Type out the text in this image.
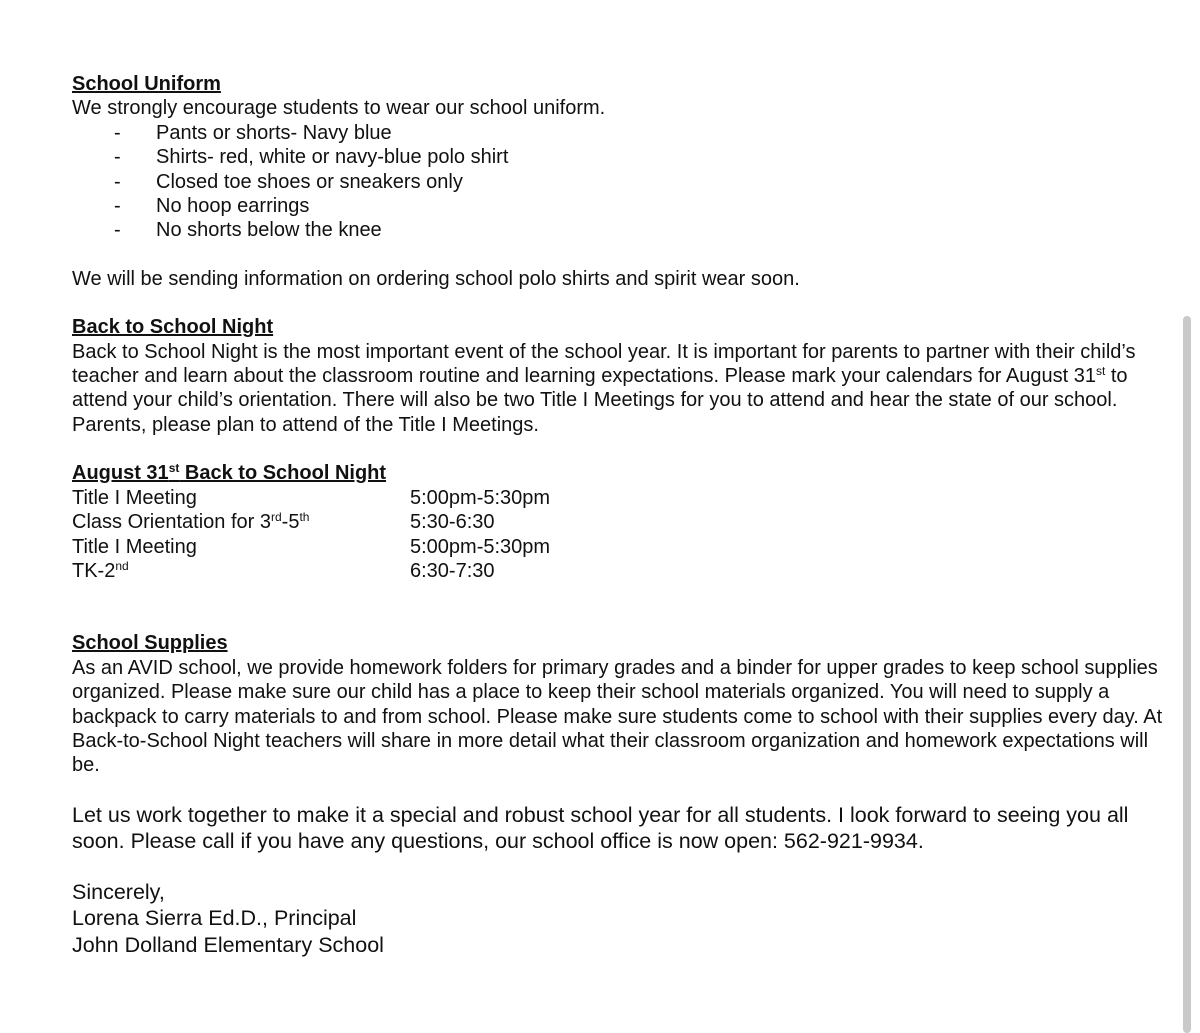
School Uniform

We strongly encourage students to wear our school uniform.

- Pants or shorts- Navy blue
- Shirts- red, white or navy-blue polo shirt
- Closed toe shoes or sneakers only
- No hoop earrings
- No shorts below the knee

We will be sending information on ordering school polo shirts and spirit wear soon.

Back to School Night

Back to School Night is the most important event of the school year. It is important for parents to partner with their child’s teacher and learn about the classroom routine and learning expectations. Please mark your calendars for August 31st to attend your child’s orientation. There will also be two Title I Meetings for you to attend and hear the state of our school. Parents, please plan to attend of the Title I Meetings.

August 31st Back to School Night
Title I Meeting	5:00pm-5:30pm
Class Orientation for 3rd-5th	5:30-6:30
Title I Meeting	5:00pm-5:30pm
TK-2nd	6:30-7:30
School Supplies

As an AVID school, we provide homework folders for primary grades and a binder for upper grades to keep school supplies organized. Please make sure our child has a place to keep their school materials organized. You will need to supply a backpack to carry materials to and from school. Please make sure students come to school with their supplies every day. At Back-to-School Night teachers will share in more detail what their classroom organization and homework expectations will be.

Let us work together to make it a special and robust school year for all students. I look forward to seeing you all soon. Please call if you have any questions, our school office is now open: 562-921-9934.

Sincerely,
Lorena Sierra Ed.D., Principal
John Dolland Elementary School
